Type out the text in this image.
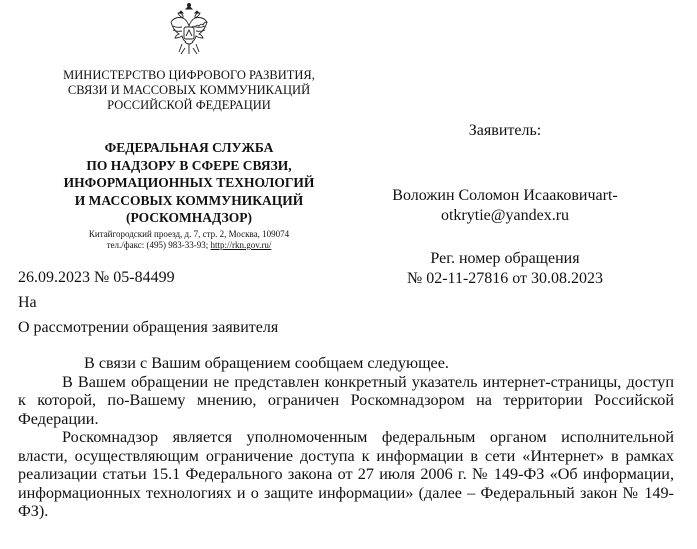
МИНИСТЕРСТВО ЦИФРОВОГО РАЗВИТИЯ,
СВЯЗИ И МАССОВЫХ КОММУНИКАЦИЙ
РОССИЙСКОЙ ФЕДЕРАЦИИ
ФЕДЕРАЛЬНАЯ СЛУЖБА
ПО НАДЗОРУ В СФЕРЕ СВЯЗИ,
ИНФОРМАЦИОННЫХ ТЕХНОЛОГИЙ
И МАССОВЫХ КОММУНИКАЦИЙ
(РОСКОМНАДЗОР)
Китайгородский проезд, д. 7, стр. 2, Москва, 109074
тел./факс: (495) 983-33-93; http://rkn.gov.ru/
26.09.2023 № 05-84499
На
О рассмотрении обращения заявителя
Заявитель:
Воложин Соломон Исааковичart-
otkrytie@yandex.ru
Рег. номер обращения
№ 02-11-27816 от 30.08.2023

В связи с Вашим обращением сообщаем следующее.

В Вашем обращении не представлен конкретный указатель интернет-страницы, доступ к которой, по-Вашему мнению, ограничен Роскомнадзором на территории Российской Федерации.

Роскомнадзор является уполномоченным федеральным органом исполнительной власти, осуществляющим ограничение доступа к информации в сети «Интернет» в рамках реализации статьи 15.1 Федерального закона от 27 июля 2006 г. № 149-ФЗ «Об информации, информационных технологиях и о защите информации» (далее – Федеральный закон № 149-ФЗ).
